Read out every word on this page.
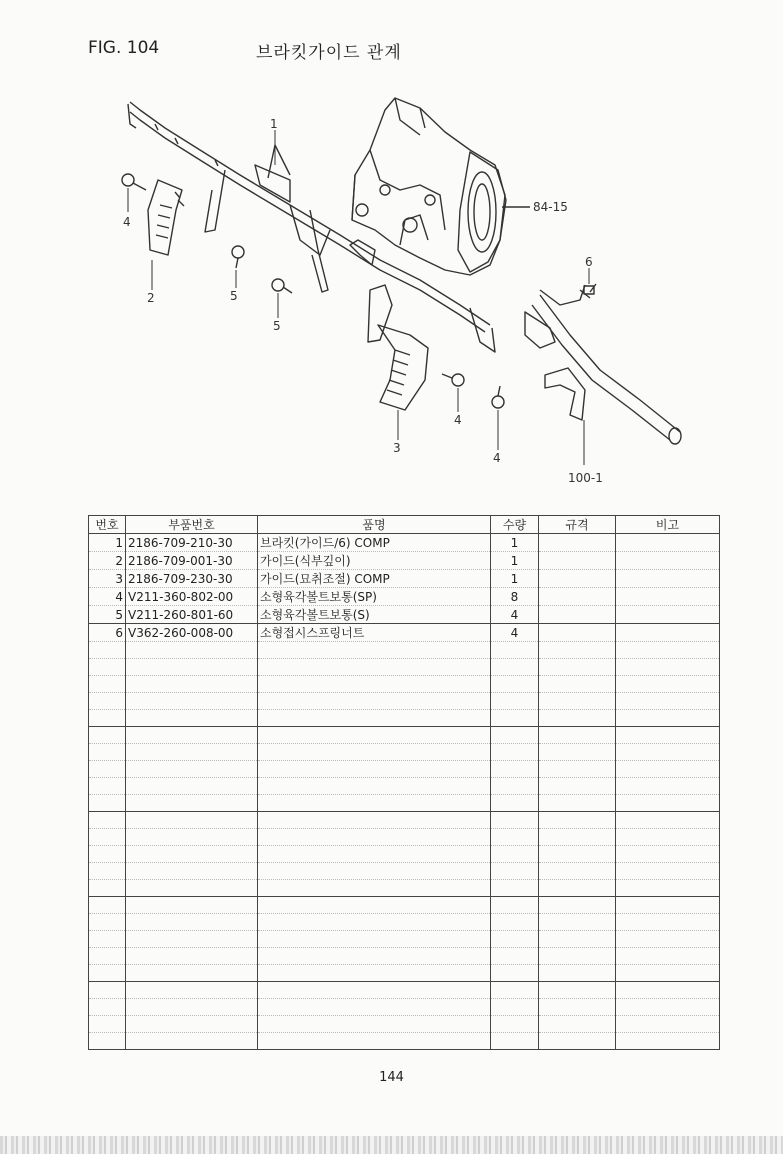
FIG. 104	브라킷가이드 관계
1
2
4
5
5
6
84-15
4
3
4
100-1
번호	부품번호	품명	수량	규격	비고
1	2186-709-210-30	브라킷(가이드/6) COMP	1		
2	2186-709-001-30	가이드(식부깊이)	1		
3	2186-709-230-30	가이드(묘취조절) COMP	1		
4	V211-360-802-00	소형육각볼트보통(SP)	8		
5	V211-260-801-60	소형육각볼트보통(S)	4		
6	V362-260-008-00	소형접시스프링너트	4		

144
